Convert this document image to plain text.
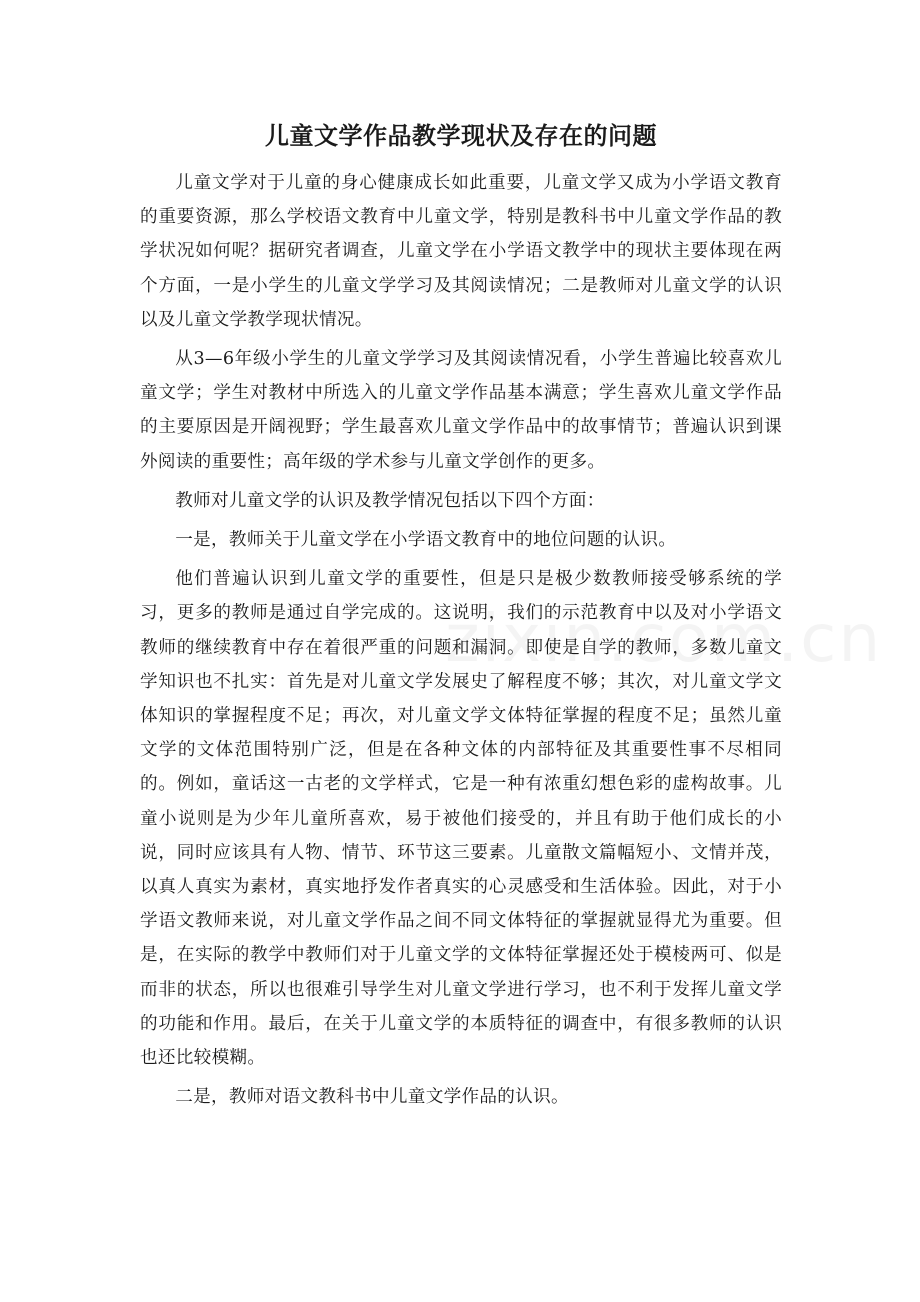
儿童文学作品教学现状及存在的问题

儿童文学对于儿童的身心健康成长如此重要，儿童文学又成为小学语文教育的重要资源，那么学校语文教育中儿童文学，特别是教科书中儿童文学作品的教学状况如何呢？据研究者调查，儿童文学在小学语文教学中的现状主要体现在两个方面，一是小学生的儿童文学学习及其阅读情况；二是教师对儿童文学的认识以及儿童文学教学现状情况。

从3—6年级小学生的儿童文学学习及其阅读情况看，小学生普遍比较喜欢儿童文学；学生对教材中所选入的儿童文学作品基本满意；学生喜欢儿童文学作品的主要原因是开阔视野；学生最喜欢儿童文学作品中的故事情节；普遍认识到课外阅读的重要性；高年级的学术参与儿童文学创作的更多。

教师对儿童文学的认识及教学情况包括以下四个方面：

一是，教师关于儿童文学在小学语文教育中的地位问题的认识。

他们普遍认识到儿童文学的重要性，但是只是极少数教师接受够系统的学习，更多的教师是通过自学完成的。这说明，我们的示范教育中以及对小学语文教师的继续教育中存在着很严重的问题和漏洞。即使是自学的教师，多数儿童文学知识也不扎实：首先是对儿童文学发展史了解程度不够；其次，对儿童文学文体知识的掌握程度不足；再次，对儿童文学文体特征掌握的程度不足；虽然儿童文学的文体范围特别广泛，但是在各种文体的内部特征及其重要性事不尽相同的。例如，童话这一古老的文学样式，它是一种有浓重幻想色彩的虚构故事。儿童小说则是为少年儿童所喜欢，易于被他们接受的，并且有助于他们成长的小说，同时应该具有人物、情节、环节这三要素。儿童散文篇幅短小、文情并茂，以真人真实为素材，真实地抒发作者真实的心灵感受和生活体验。因此，对于小学语文教师来说，对儿童文学作品之间不同文体特征的掌握就显得尤为重要。但是，在实际的教学中教师们对于儿童文学的文体特征掌握还处于模棱两可、似是而非的状态，所以也很难引导学生对儿童文学进行学习，也不利于发挥儿童文学的功能和作用。最后，在关于儿童文学的本质特征的调查中，有很多教师的认识也还比较模糊。

二是，教师对语文教科书中儿童文学作品的认识。
